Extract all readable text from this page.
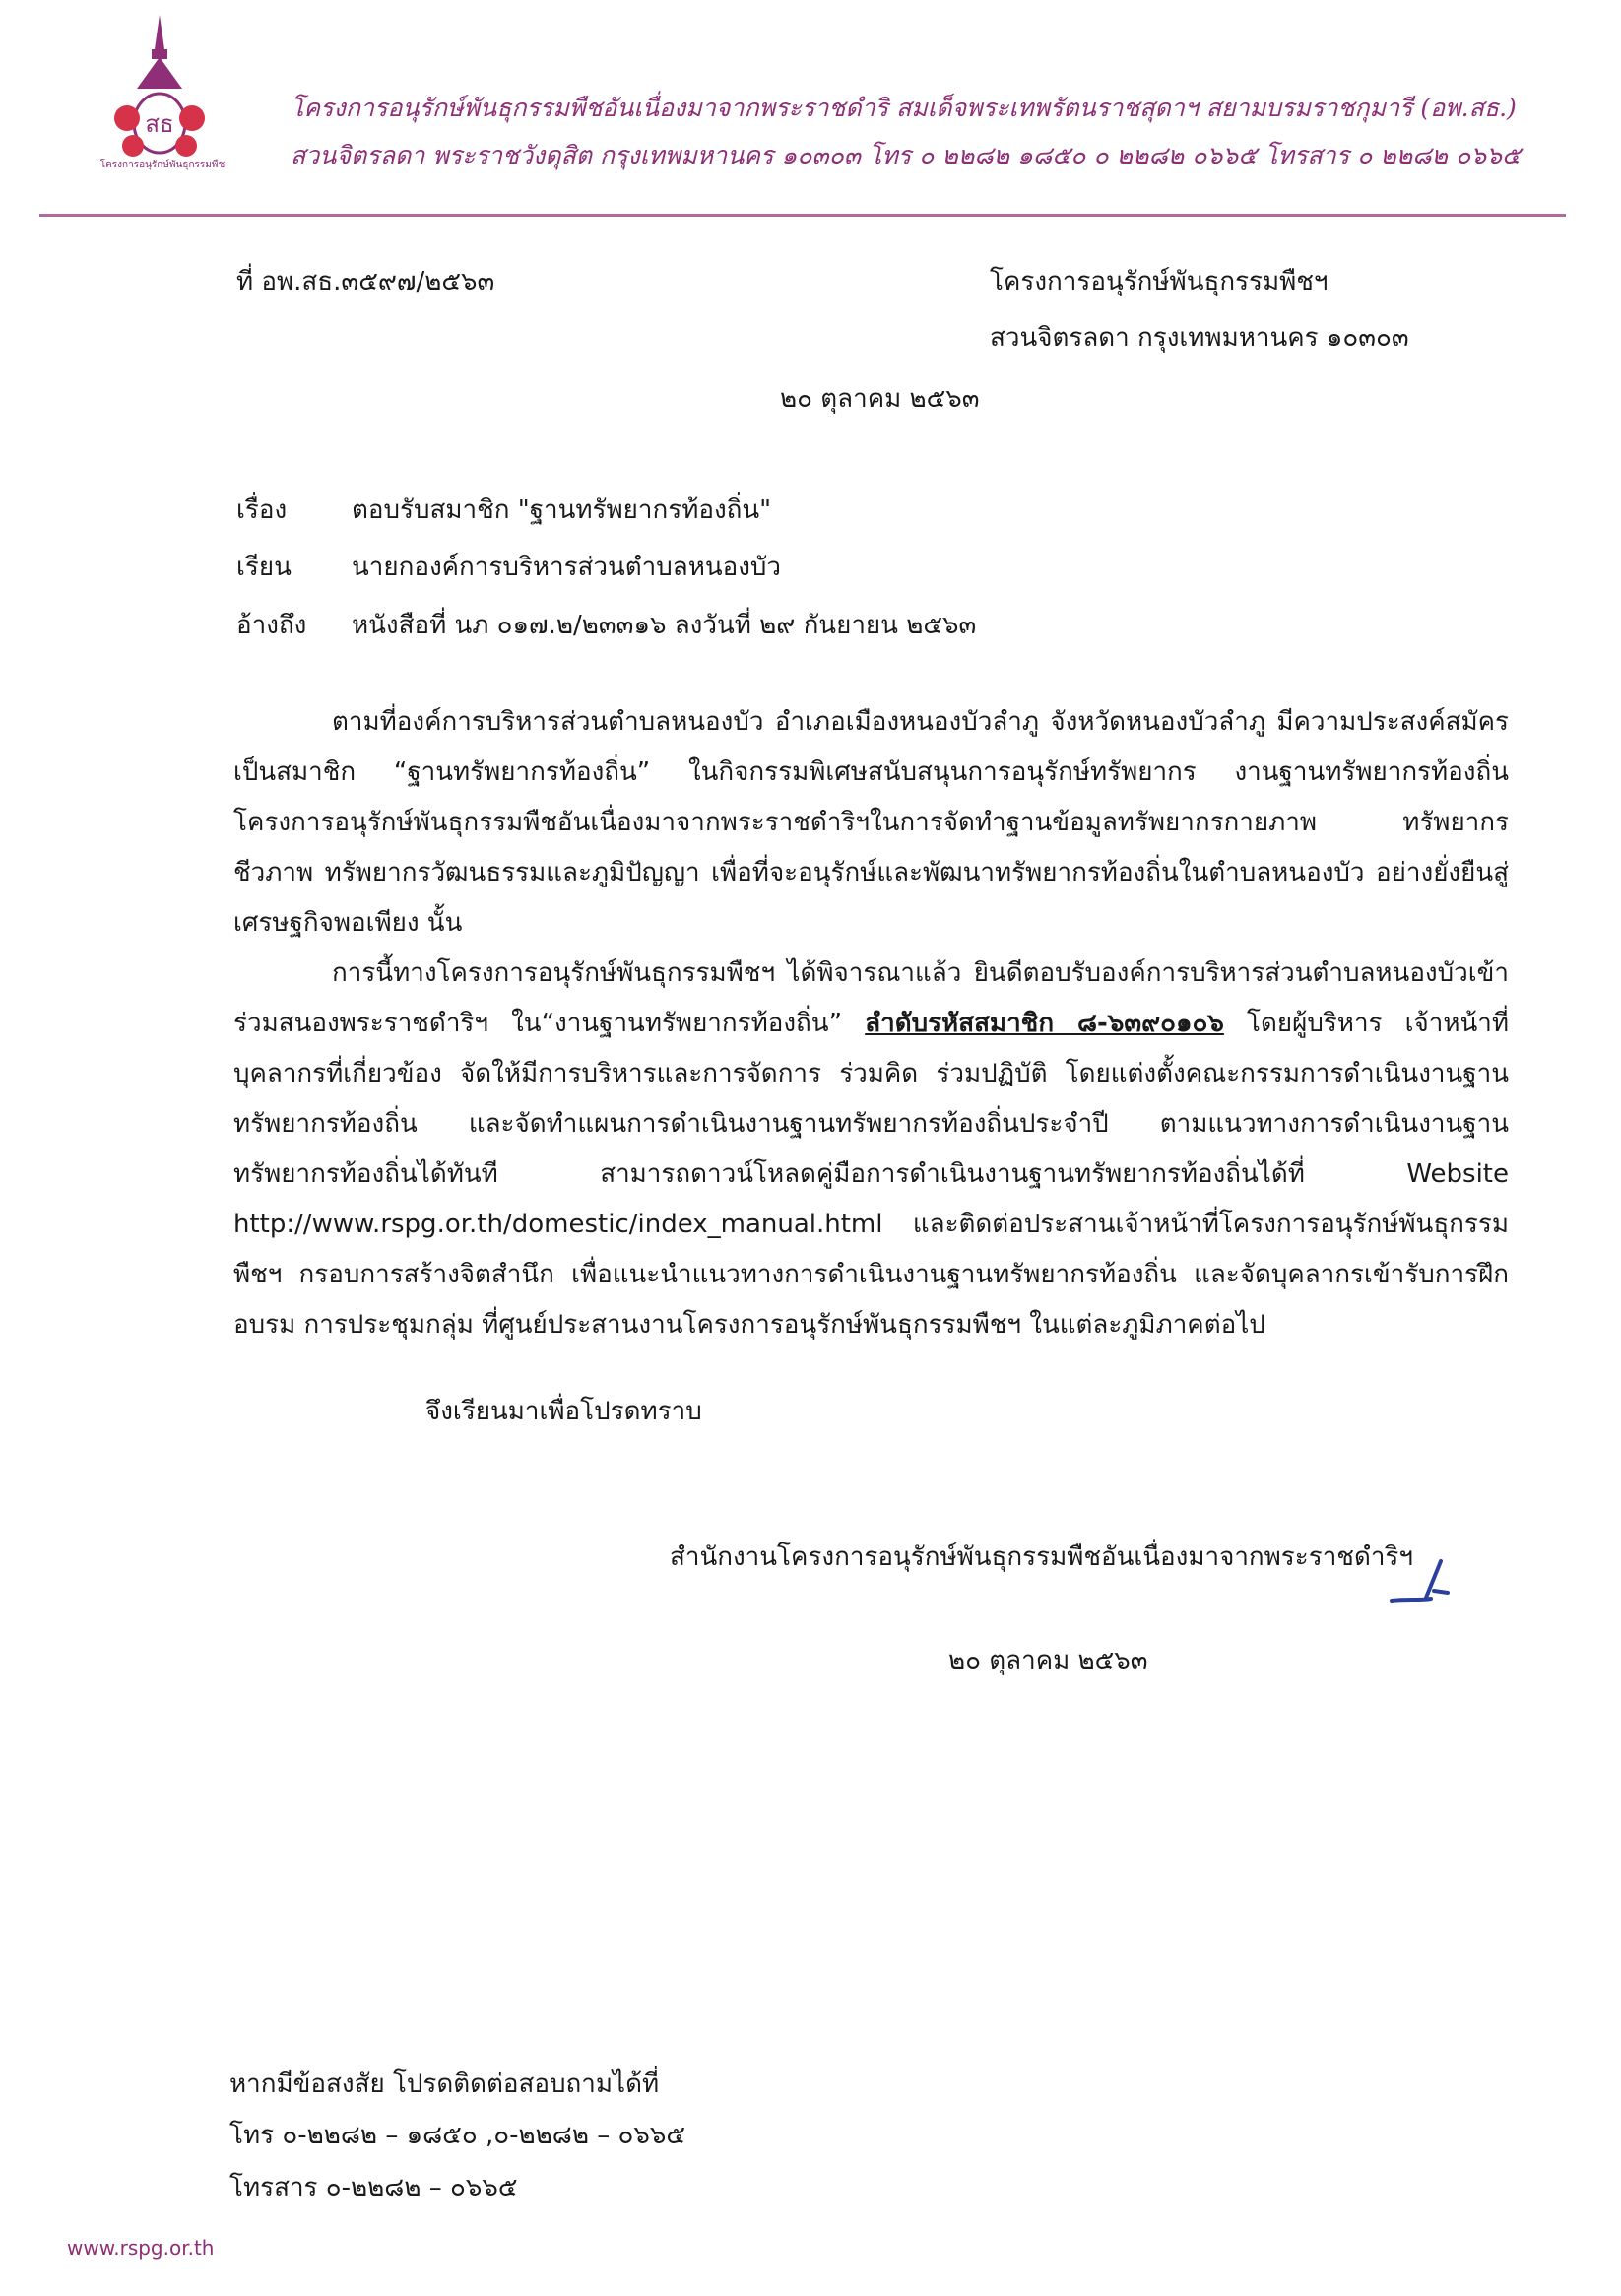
สธ
โครงการอนุรักษ์พันธุกรรมพืช
โครงการอนุรักษ์พันธุกรรมพืชอันเนื่องมาจากพระราชดำริ สมเด็จพระเทพรัตนราชสุดาฯ สยามบรมราชกุมารี (อพ.สธ.)
สวนจิตรลดา พระราชวังดุสิต กรุงเทพมหานคร ๑๐๓๐๓ โทร ๐ ๒๒๘๒ ๑๘๕๐ ๐ ๒๒๘๒ ๐๖๖๕ โทรสาร ๐ ๒๒๘๒ ๐๖๖๕
ที่ อพ.สธ.๓๕๙๗/๒๕๖๓	โครงการอนุรักษ์พันธุกรรมพืชฯ
สวนจิตรลดา กรุงเทพมหานคร ๑๐๓๐๓
๒๐ ตุลาคม ๒๕๖๓
เรื่อง	ตอบรับสมาชิก "ฐานทรัพยากรท้องถิ่น"
เรียน นายกองค์การบริหารส่วนตำบลหนองบัว
อ้างถึง หนังสือที่ นภ ๐๑๗.๒/๒๓๓๑๖ ลงวันที่ ๒๙ กันยายน ๒๕๖๓
ตามที่องค์การบริหารส่วนตำบลหนองบัว อำเภอเมืองหนองบัวลำภู จังหวัดหนองบัวลำภู มีความประสงค์สมัครเป็นสมาชิก “ฐานทรัพยากรท้องถิ่น” ในกิจกรรมพิเศษสนับสนุนการอนุรักษ์ทรัพยากร งานฐานทรัพยากรท้องถิ่น โครงการอนุรักษ์พันธุกรรมพืชอันเนื่องมาจากพระราชดำริฯในการจัดทำฐานข้อมูลทรัพยากรกายภาพ ทรัพยากรชีวภาพ ทรัพยากรวัฒนธรรมและภูมิปัญญา เพื่อที่จะอนุรักษ์และพัฒนาทรัพยากรท้องถิ่นในตำบลหนองบัว อย่างยั่งยืนสู่เศรษฐกิจพอเพียง นั้น
การนี้ทางโครงการอนุรักษ์พันธุกรรมพืชฯ ได้พิจารณาแล้ว ยินดีตอบรับองค์การบริหารส่วนตำบลหนองบัวเข้าร่วมสนองพระราชดำริฯ ใน“งานฐานทรัพยากรท้องถิ่น” ลำดับรหัสสมาชิก ๘-๖๓๙๐๑๐๖ โดยผู้บริหาร เจ้าหน้าที่ บุคลากรที่เกี่ยวข้อง จัดให้มีการบริหารและการจัดการ ร่วมคิด ร่วมปฏิบัติ โดยแต่งตั้งคณะกรรมการดำเนินงานฐานทรัพยากรท้องถิ่น และจัดทำแผนการดำเนินงานฐานทรัพยากรท้องถิ่นประจำปี ตามแนวทางการดำเนินงานฐานทรัพยากรท้องถิ่นได้ทันที สามารถดาวน์โหลดคู่มือการดำเนินงานฐานทรัพยากรท้องถิ่นได้ที่ Website http://www.rspg.or.th/domestic/index_manual.html และติดต่อประสานเจ้าหน้าที่โครงการอนุรักษ์พันธุกรรมพืชฯ กรอบการสร้างจิตสำนึก เพื่อแนะนำแนวทางการดำเนินงานฐานทรัพยากรท้องถิ่น และจัดบุคลากรเข้ารับการฝึกอบรม การประชุมกลุ่ม ที่ศูนย์ประสานงานโครงการอนุรักษ์พันธุกรรมพืชฯ ในแต่ละภูมิภาคต่อไป
จึงเรียนมาเพื่อโปรดทราบ
สำนักงานโครงการอนุรักษ์พันธุกรรมพืชอันเนื่องมาจากพระราชดำริฯ
๒๐ ตุลาคม ๒๕๖๓
หากมีข้อสงสัย โปรดติดต่อสอบถามได้ที่
โทร ๐-๒๒๘๒ – ๑๘๕๐ ,๐-๒๒๘๒ – ๐๖๖๕
โทรสาร ๐-๒๒๘๒ – ๐๖๖๕
www.rspg.or.th
